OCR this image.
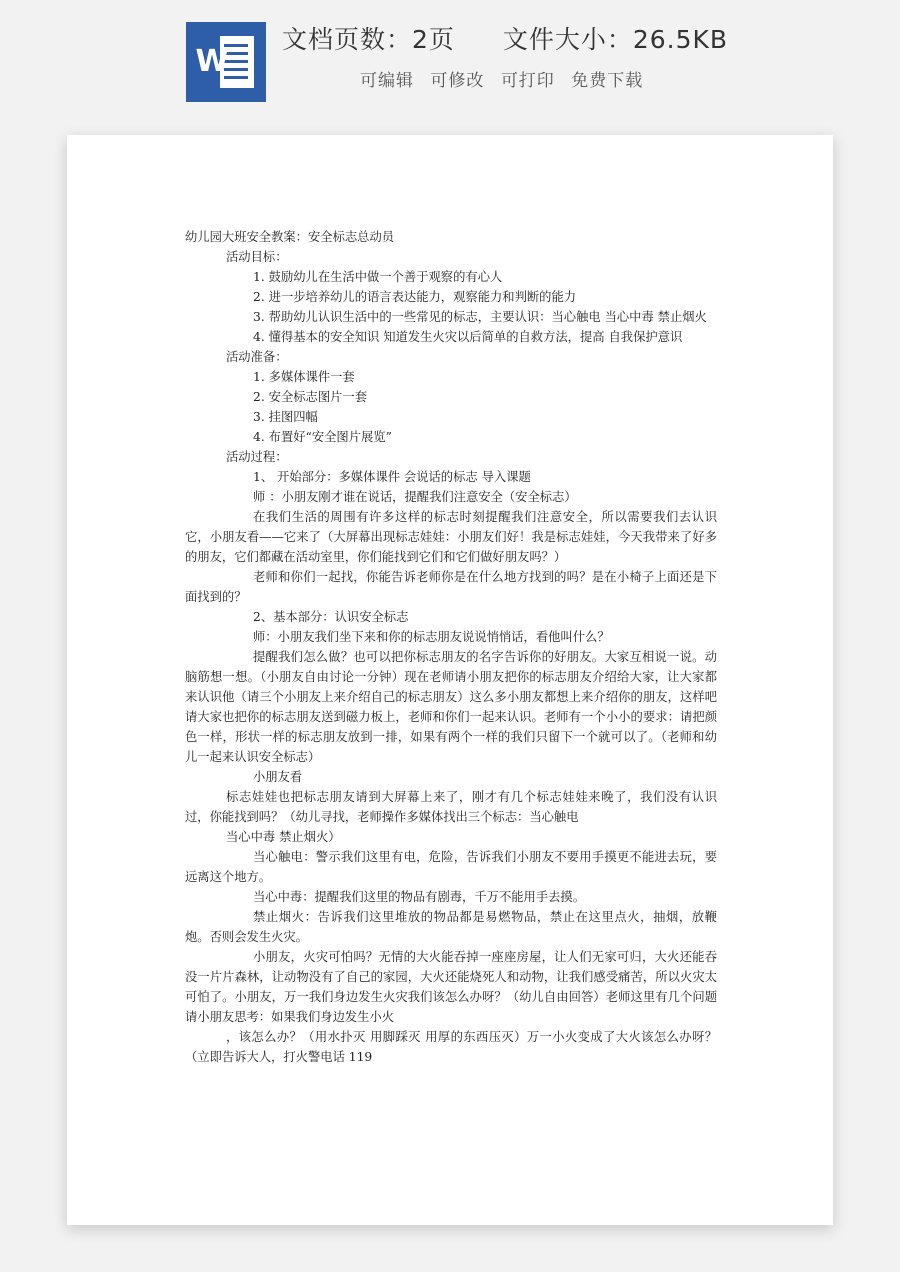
W
文档页数：2页 文件大小：26.5KB
可编辑 可修改 可打印 免费下载

幼儿园大班安全教案：安全标志总动员

活动目标：

1. 鼓励幼儿在生活中做一个善于观察的有心人

2. 进一步培养幼儿的语言表达能力，观察能力和判断的能力

3. 帮助幼儿认识生活中的一些常见的标志，主要认识：当心触电 当心中毒 禁止烟火

4. 懂得基本的安全知识 知道发生火灾以后简单的自救方法，提高 自我保护意识

活动准备：

1. 多媒体课件一套

2. 安全标志图片一套

3. 挂图四幅

4. 布置好“安全图片展览”

活动过程：

1、 开始部分：多媒体课件 会说话的标志 导入课题

师 ：小朋友刚才谁在说话，提醒我们注意安全（安全标志）

在我们生活的周围有许多这样的标志时刻提醒我们注意安全，所以需要我们去认识它，小朋友看——它来了（大屏幕出现标志娃娃：小朋友们好！我是标志娃娃，今天我带来了好多的朋友，它们都藏在活动室里，你们能找到它们和它们做好朋友吗？）

老师和你们一起找，你能告诉老师你是在什么地方找到的吗？是在小椅子上面还是下面找到的？

2、基本部分：认识安全标志

师：小朋友我们坐下来和你的标志朋友说说悄悄话，看他叫什么？

提醒我们怎么做？也可以把你标志朋友的名字告诉你的好朋友。大家互相说一说。动脑筋想一想。（小朋友自由讨论一分钟）现在老师请小朋友把你的标志朋友介绍给大家，让大家都来认识他（请三个小朋友上来介绍自己的标志朋友）这么多小朋友都想上来介绍你的朋友，这样吧请大家也把你的标志朋友送到磁力板上，老师和你们一起来认识。老师有一个小小的要求：请把颜色一样，形状一样的标志朋友放到一排，如果有两个一样的我们只留下一个就可以了。（老师和幼儿一起来认识安全标志）

小朋友看

标志娃娃也把标志朋友请到大屏幕上来了，刚才有几个标志娃娃来晚了，我们没有认识过，你能找到吗？（幼儿寻找，老师操作多媒体找出三个标志：当心触电

当心中毒 禁止烟火）

当心触电：警示我们这里有电，危险，告诉我们小朋友不要用手摸更不能进去玩，要远离这个地方。

当心中毒：提醒我们这里的物品有剧毒，千万不能用手去摸。

禁止烟火：告诉我们这里堆放的物品都是易燃物品，禁止在这里点火，抽烟，放鞭炮。否则会发生火灾。

小朋友，火灾可怕吗？无情的大火能吞掉一座座房屋，让人们无家可归，大火还能吞没一片片森林，让动物没有了自己的家园，大火还能烧死人和动物，让我们感受痛苦，所以火灾太可怕了。小朋友，万一我们身边发生火灾我们该怎么办呀？（幼儿自由回答）老师这里有几个问题请小朋友思考：如果我们身边发生小火

，该怎么办？（用水扑灭 用脚踩灭 用厚的东西压灭）万一小火变成了大火该怎么办呀？（立即告诉大人，打火警电话 119
